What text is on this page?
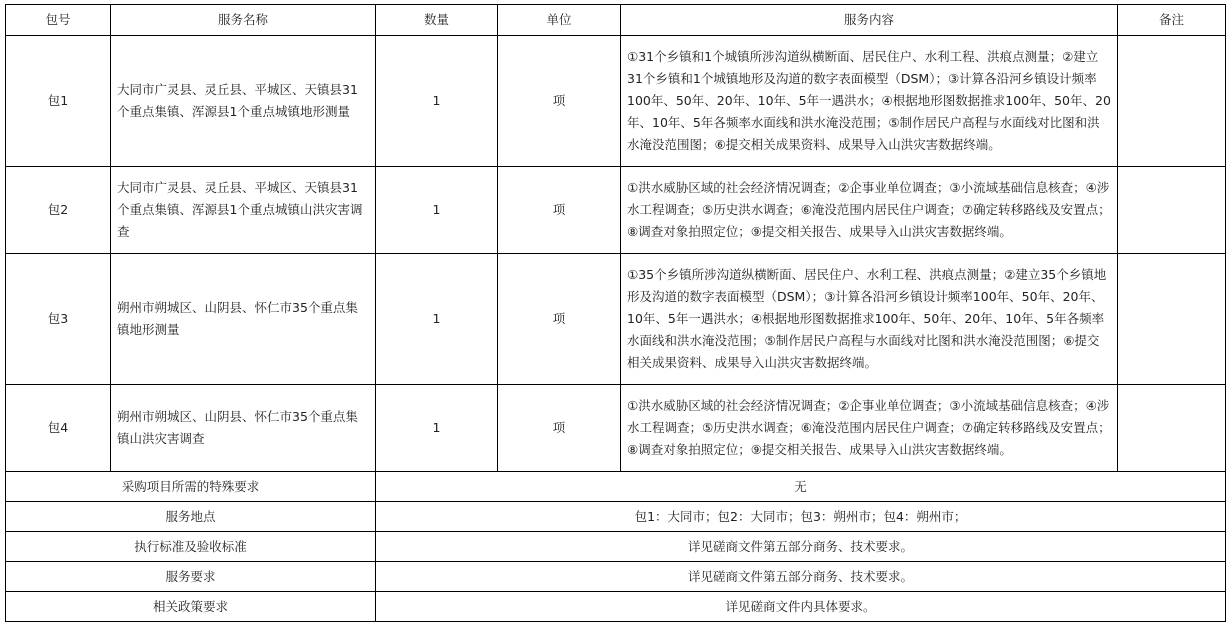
包号	服务名称	数量	单位	服务内容	备注
包1	大同市广灵县、灵丘县、平城区、天镇县31个重点集镇、浑源县1个重点城镇地形测量	1	项	①31个乡镇和1个城镇所涉沟道纵横断面、居民住户、水利工程、洪痕点测量；②建立31个乡镇和1个城镇地形及沟道的数字表面模型（DSM）；③计算各沿河乡镇设计频率100年、50年、20年、10年、5年一遇洪水；④根据地形图数据推求100年、50年、20年、10年、5年各频率水面线和洪水淹没范围；⑤制作居民户高程与水面线对比图和洪水淹没范围图；⑥提交相关成果资料、成果导入山洪灾害数据终端。	
包2	大同市广灵县、灵丘县、平城区、天镇县31个重点集镇、浑源县1个重点城镇山洪灾害调查	1	项	①洪水威胁区域的社会经济情况调查；②企事业单位调查；③小流域基础信息核查；④涉水工程调查；⑤历史洪水调查；⑥淹没范围内居民住户调查；⑦确定转移路线及安置点；⑧调查对象拍照定位；⑨提交相关报告、成果导入山洪灾害数据终端。	
包3	朔州市朔城区、山阴县、怀仁市35个重点集镇地形测量	1	项	①35个乡镇所涉沟道纵横断面、居民住户、水利工程、洪痕点测量；②建立35个乡镇地形及沟道的数字表面模型（DSM）；③计算各沿河乡镇设计频率100年、50年、20年、10年、5年一遇洪水；④根据地形图数据推求100年、50年、20年、10年、5年各频率水面线和洪水淹没范围；⑤制作居民户高程与水面线对比图和洪水淹没范围图；⑥提交相关成果资料、成果导入山洪灾害数据终端。	
包4	朔州市朔城区、山阴县、怀仁市35个重点集镇山洪灾害调查	1	项	①洪水威胁区域的社会经济情况调查；②企事业单位调查；③小流域基础信息核查；④涉水工程调查；⑤历史洪水调查；⑥淹没范围内居民住户调查；⑦确定转移路线及安置点；⑧调查对象拍照定位；⑨提交相关报告、成果导入山洪灾害数据终端。	
采购项目所需的特殊要求		无			
服务地点		包1：大同市；包2：大同市；包3：朔州市；包4：朔州市；			
执行标准及验收标准		详见磋商文件第五部分商务、技术要求。			
服务要求		详见磋商文件第五部分商务、技术要求。			
相关政策要求		详见磋商文件内具体要求。			
